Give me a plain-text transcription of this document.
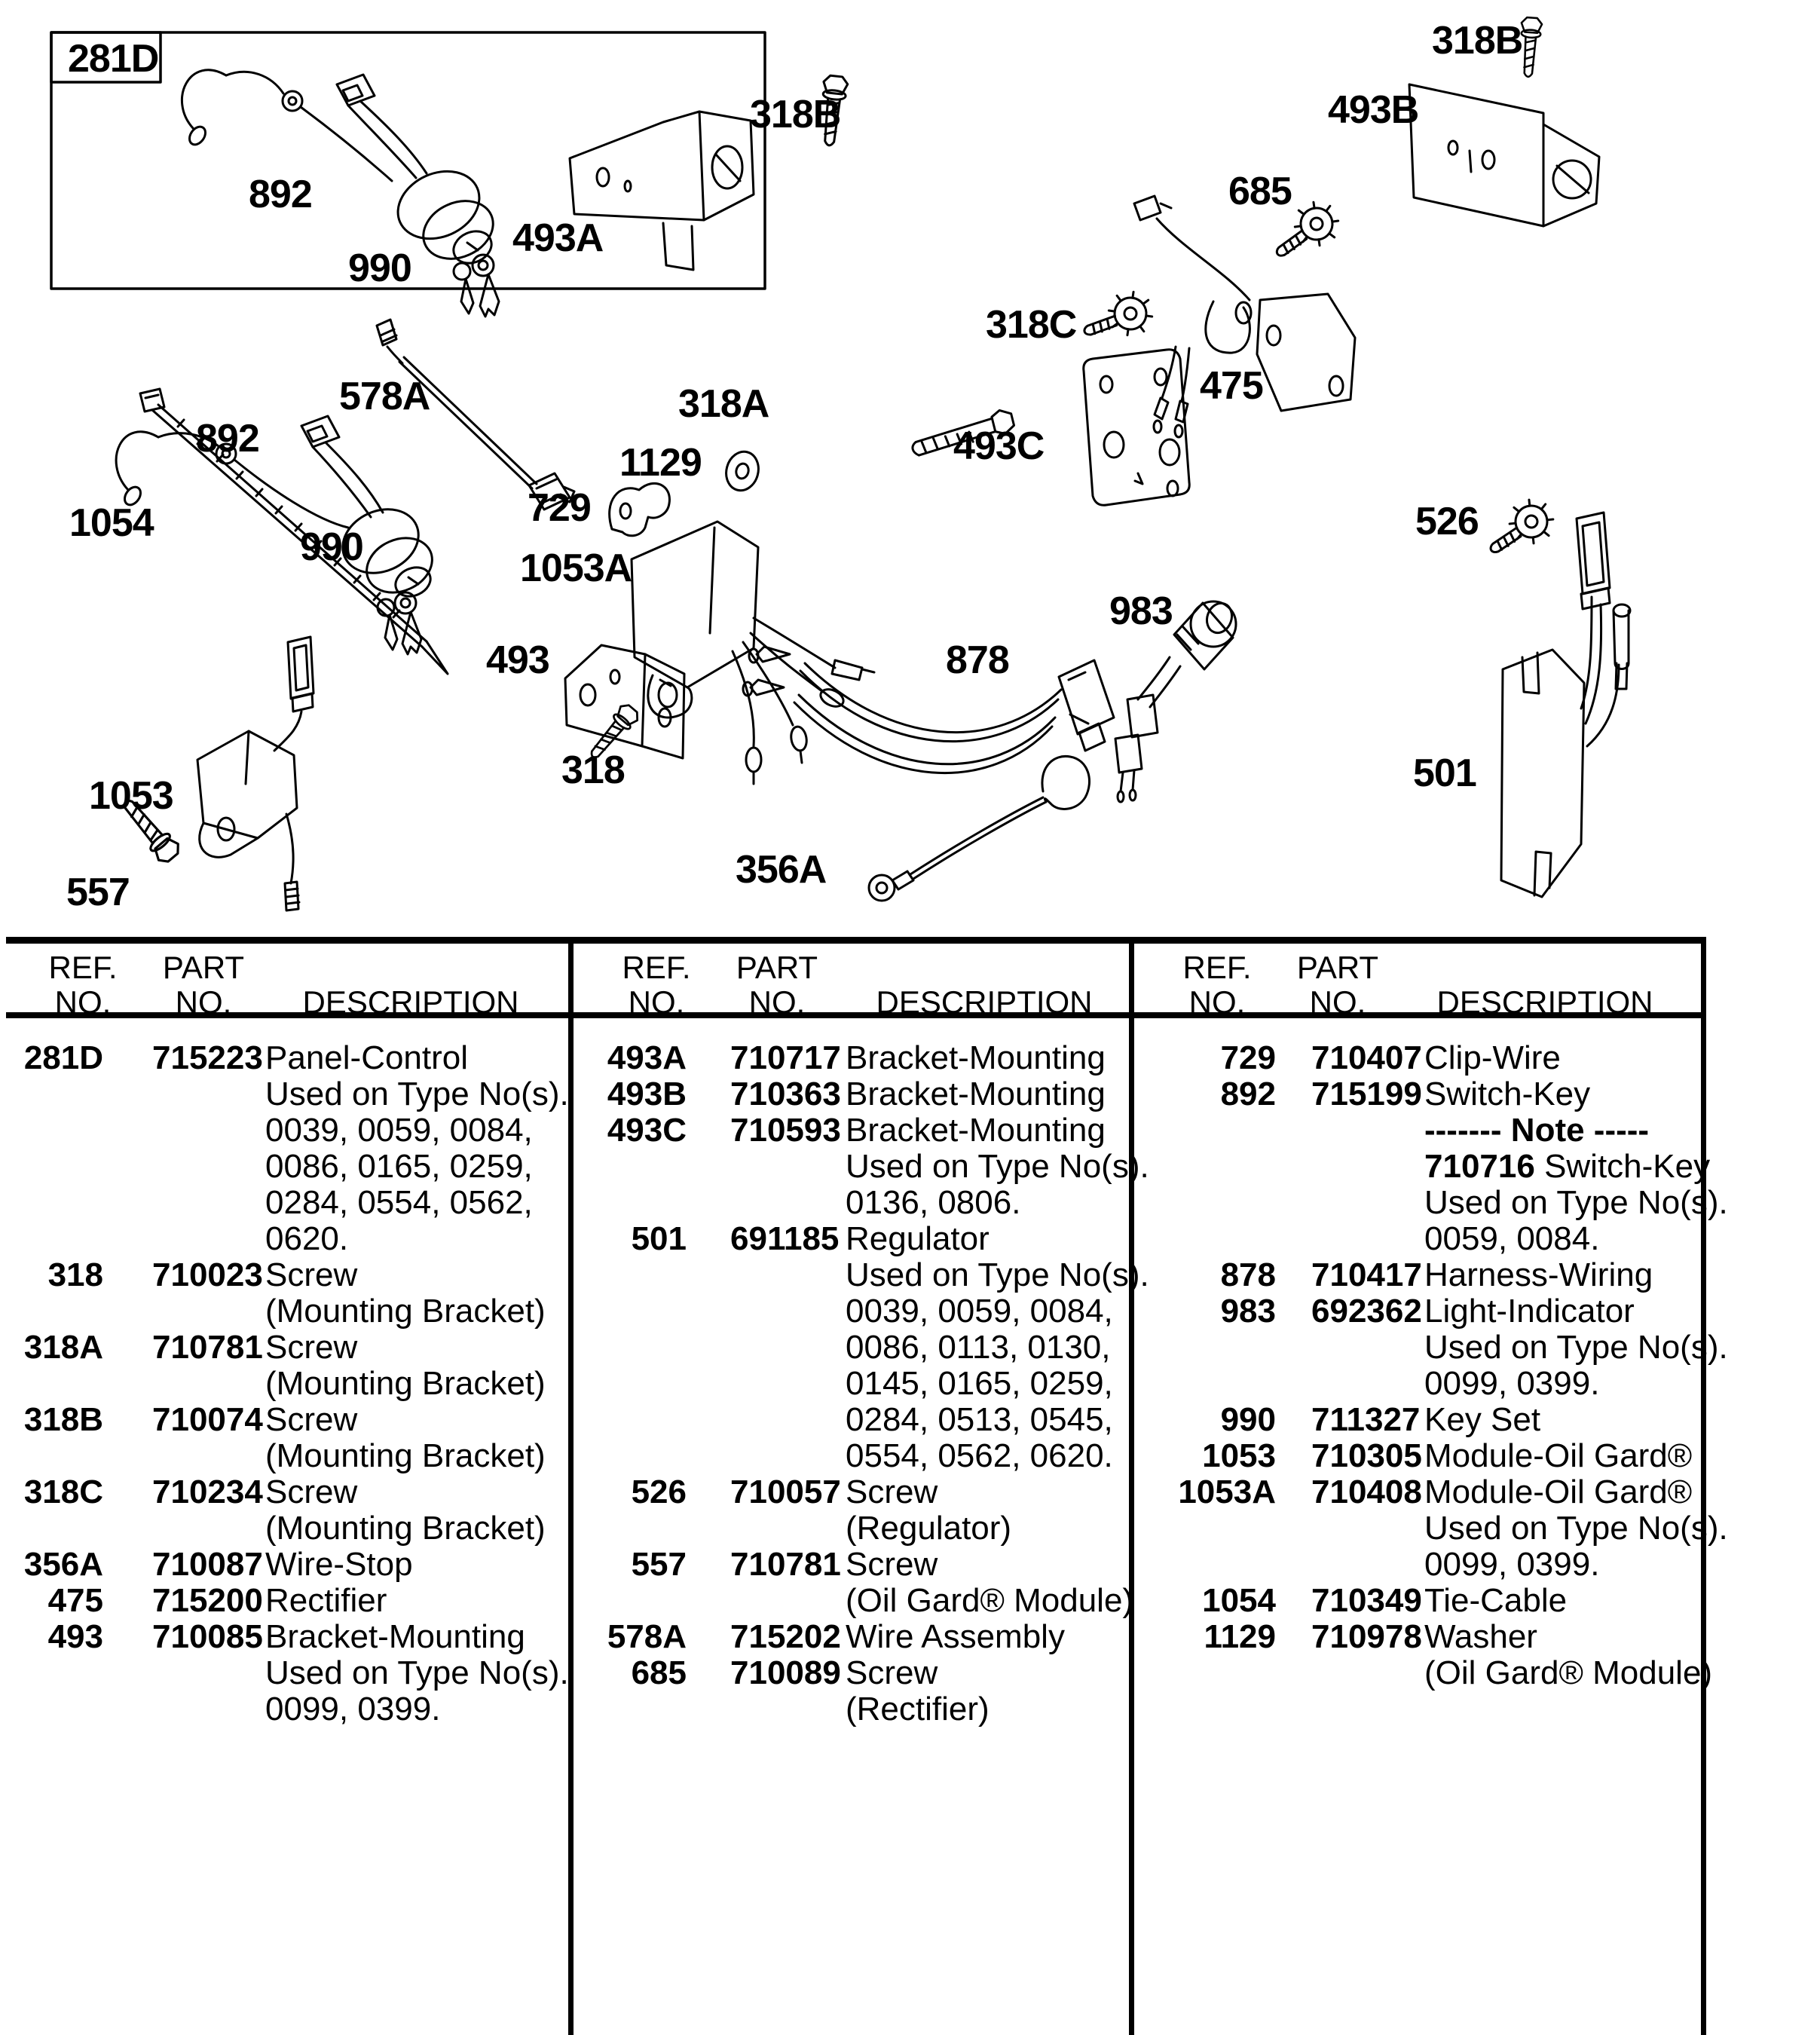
281D
892
990
493A
318B
318B
493B
685
318C
475
493C
578A
892
1054
990
318A
1129
729
1053A
983
526
501
493
318
878
1053
557
356A
REF.
NO.
PART
NO.	DESCRIPTION
281D 715223 Panel-Control
Used on Type No(s).
0039, 0059, 0084,
0086, 0165, 0259,
0284, 0554, 0562,
0620.
318 710023 Screw
(Mounting Bracket)
318A 710781 Screw
(Mounting Bracket)
318B 710074 Screw
(Mounting Bracket)
318C 710234 Screw
(Mounting Bracket)
356A 710087 Wire-Stop
475 715200 Rectifier
493 710085 Bracket-Mounting
Used on Type No(s).
0099, 0399.
REF.
NO.
PART
NO.	DESCRIPTION
493A 710717 Bracket-Mounting
493B 710363 Bracket-Mounting
493C 710593 Bracket-Mounting
Used on Type No(s).
0136, 0806.
501 691185 Regulator
Used on Type No(s).
0039, 0059, 0084,
0086, 0113, 0130,
0145, 0165, 0259,
0284, 0513, 0545,
0554, 0562, 0620.
526 710057 Screw
(Regulator)
557 710781 Screw
(Oil Gard® Module)
578A 715202 Wire Assembly
685 710089 Screw
(Rectifier)
REF.
NO.
PART
NO.	DESCRIPTION
729 710407 Clip-Wire
892 715199 Switch-Key
------- Note -----
710716 Switch-Key
Used on Type No(s).
0059, 0084.
878 710417 Harness-Wiring
983 692362 Light-Indicator
Used on Type No(s).
0099, 0399.
990 711327 Key Set
1053 710305 Module-Oil Gard®
1053A 710408 Module-Oil Gard®
Used on Type No(s).
0099, 0399.
1054 710349 Tie-Cable
1129 710978 Washer
(Oil Gard® Module)
